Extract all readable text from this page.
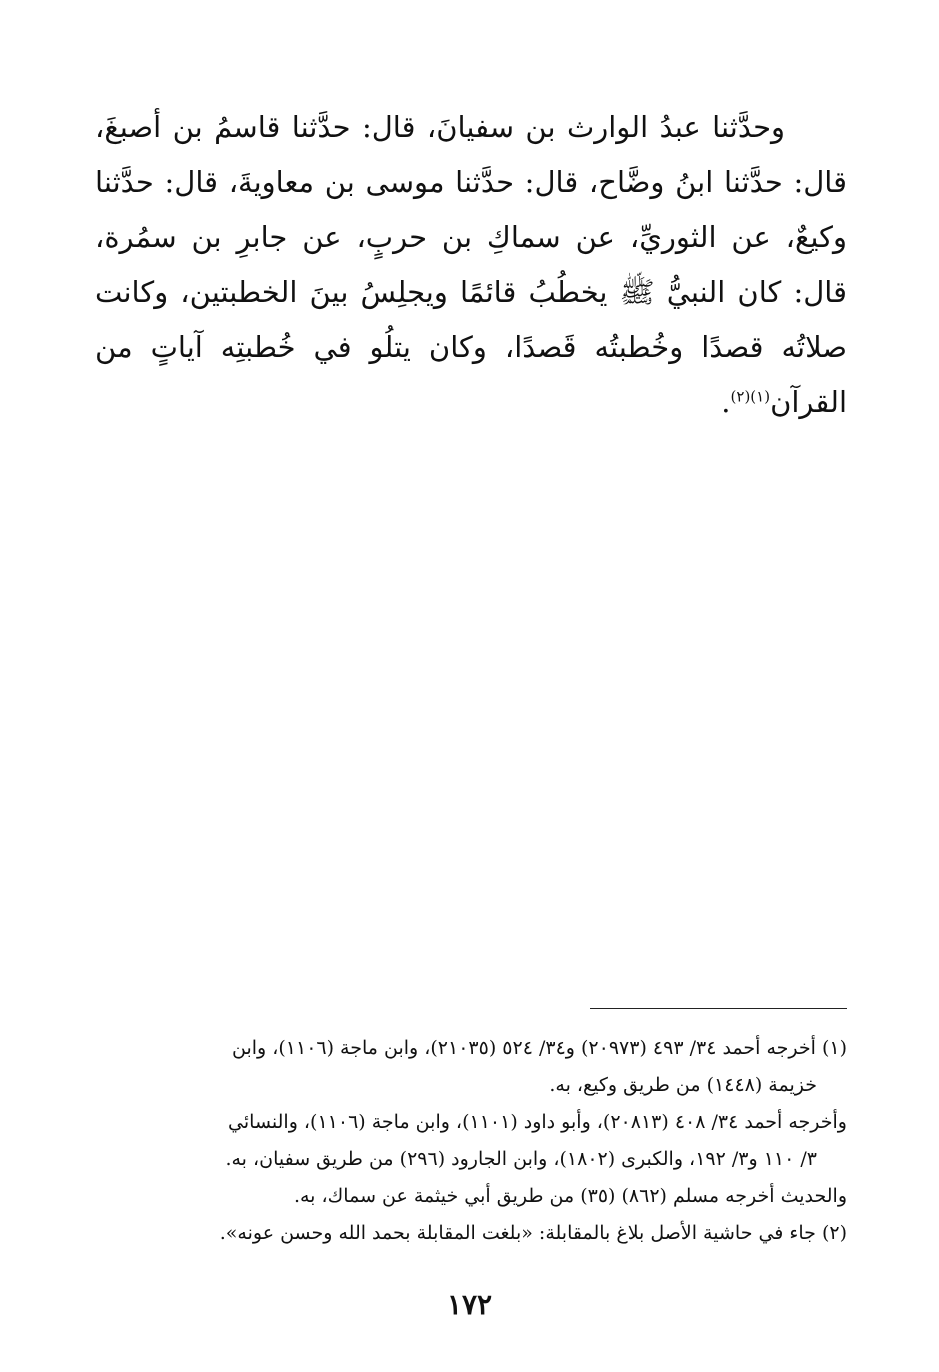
وحدَّثنا عبدُ الوارث بن سفيانَ، قال: حدَّثنا قاسمُ بن أصبغَ، قال: حدَّثنا ابنُ وضَّاح، قال: حدَّثنا موسى بن معاويةَ، قال: حدَّثنا وكيعٌ، عن الثوريِّ، عن سماكِ بن حربٍ، عن جابرِ بن سمُرة، قال: كان النبيُّ ﷺ يخطُبُ قائمًا ويجلِسُ بينَ الخطبتين، وكانت صلاتُه قصدًا وخُطبتُه قَصدًا، وكان يتلُو في خُطبتِه آياتٍ من القرآن$^{(١)(٢)}$.

(١) أخرجه أحمد ٣٤/ ٤٩٣ (٢٠٩٧٣) و٣٤/ ٥٢٤ (٢١٠٣٥)، وابن ماجة (١١٠٦)، وابن

خزيمة (١٤٤٨) من طريق وكيع، به.

وأخرجه أحمد ٣٤/ ٤٠٨ (٢٠٨١٣)، وأبو داود (١١٠١)، وابن ماجة (١١٠٦)، والنسائي

٣/ ١١٠ و٣/ ١٩٢، والكبرى (١٨٠٢)، وابن الجارود (٢٩٦) من طريق سفيان، به.

والحديث أخرجه مسلم (٨٦٢) (٣٥) من طريق أبي خيثمة عن سماك، به.

(٢) جاء في حاشية الأصل بلاغ بالمقابلة: «بلغت المقابلة بحمد الله وحسن عونه».

١٧٢
